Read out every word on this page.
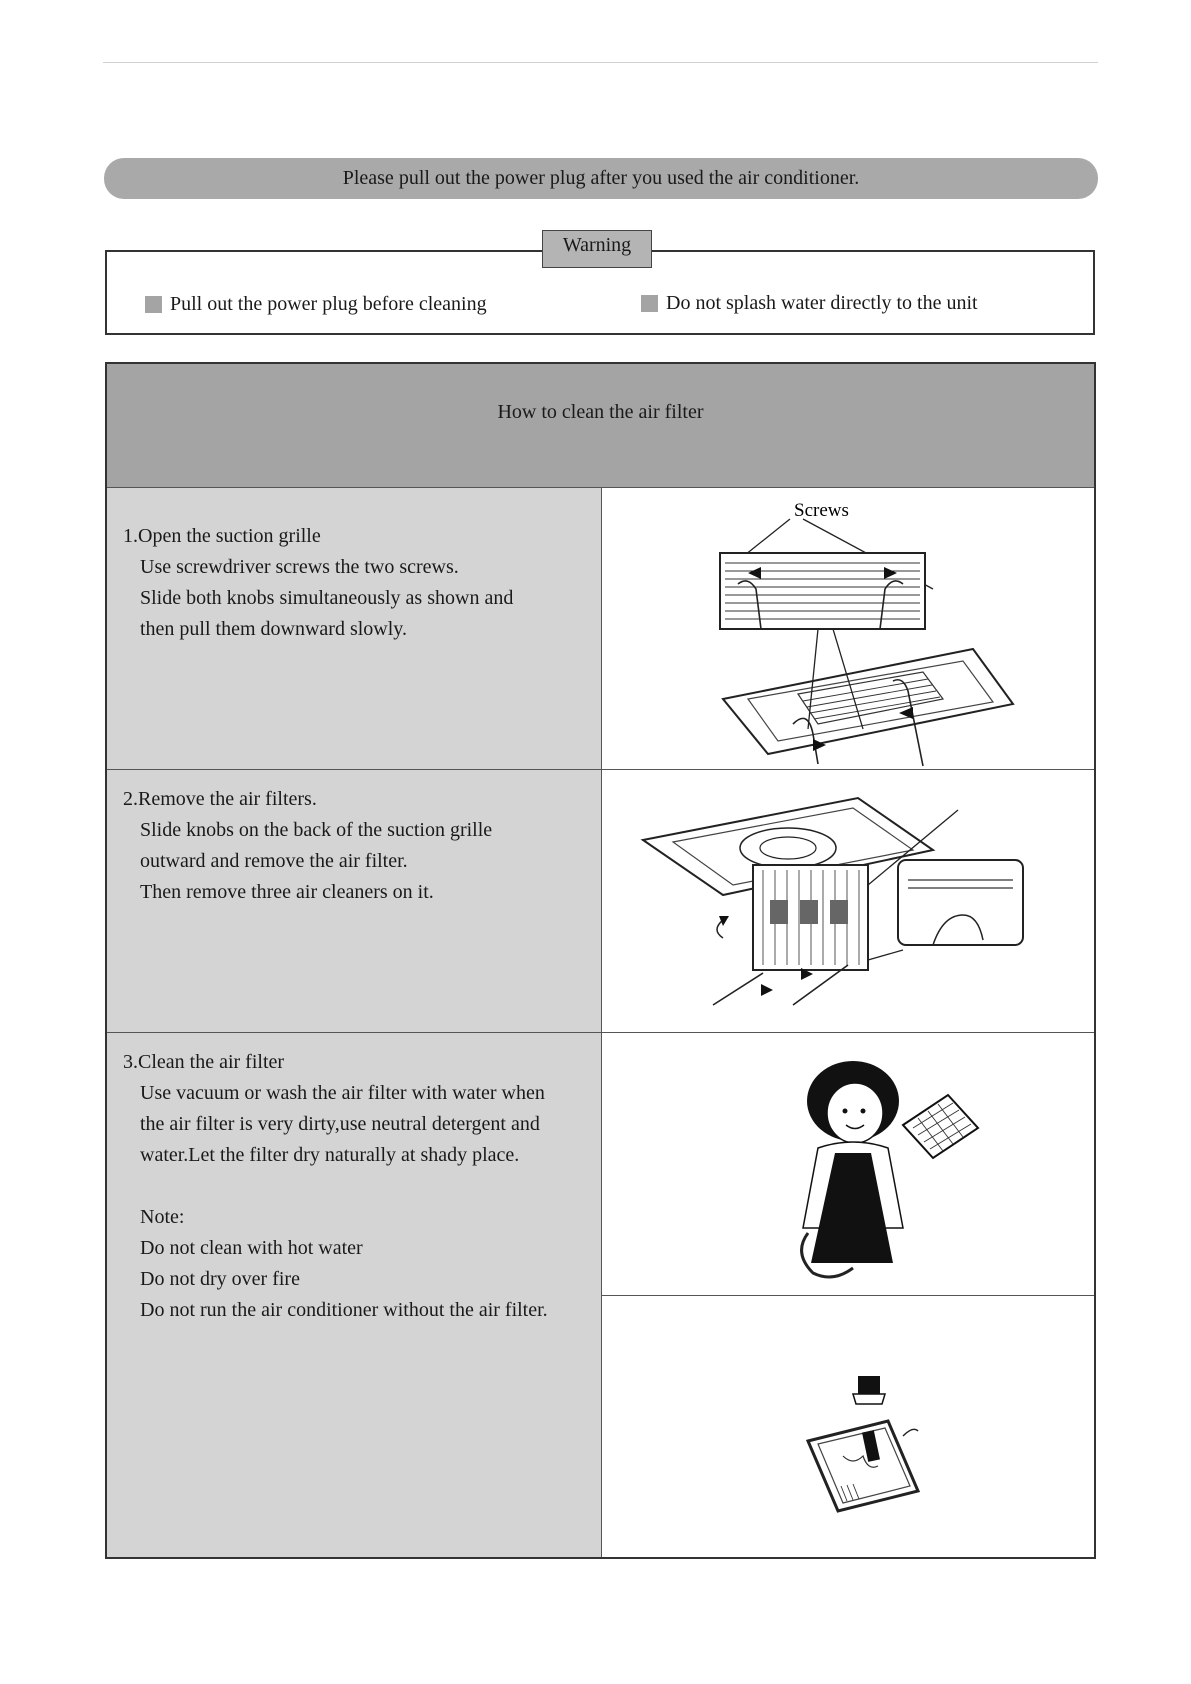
Please pull out the power plug after you used the air conditioner.
Warning
Pull out the power plug before cleaning	Do not splash water directly to the unit
How to clean the air filter

1.Open the suction grille

Use screwdriver screws the two screws.

Slide both knobs simultaneously as shown and

then pull them downward slowly.

2.Remove the air filters.

Slide knobs on the back of the suction grille

outward and remove the air filter.

Then remove three air cleaners on it.

3.Clean the air filter

Use vacuum or wash the air filter with water when

the air filter is very dirty,use neutral detergent and

water.Let the filter dry naturally at shady place.

Note:

Do not clean with hot water

Do not dry over fire

Do not run the air conditioner without the air filter.

Screws
